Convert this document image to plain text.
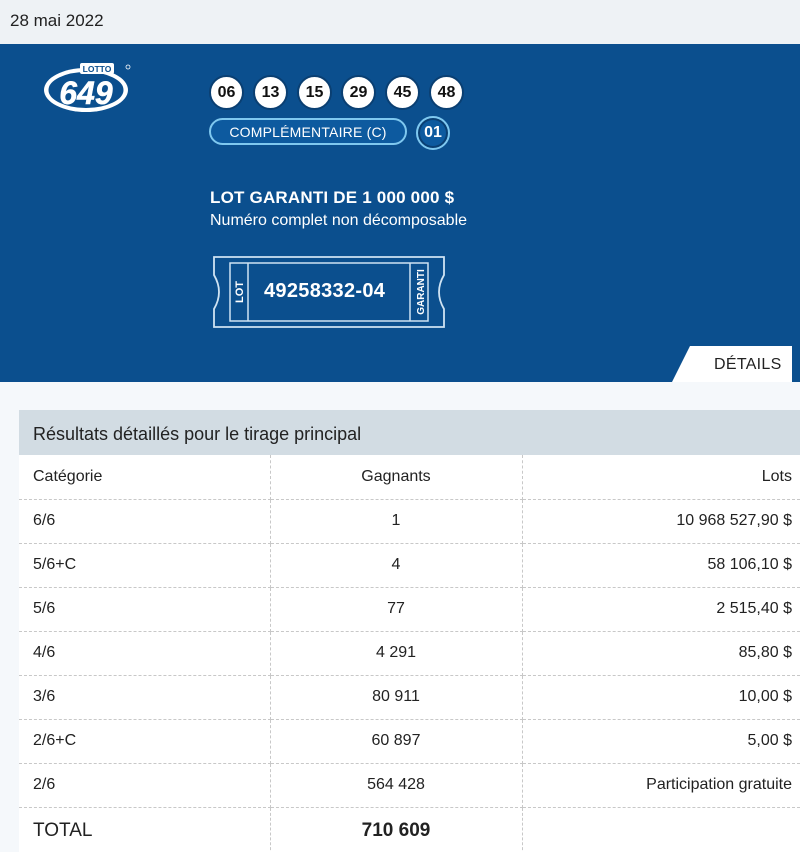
28 mai 2022
LOTTO
649	06	13	15	29	45	48
COMPLÉMENTAIRE (C)	01
LOT GARANTI DE 1 000 000 $
Numéro complet non décomposable
LOT	GARANTI
49258332-04
DÉTAILS
Résultats détaillés pour le tirage principal
Catégorie	Gagnants	Lots
6/6	1	10 968 527,90 $
5/6+C	4	58 106,10 $
5/6	77	2 515,40 $
4/6	4 291	85,80 $
3/6	80 911	10,00 $
2/6+C	60 897	5,00 $
2/6	564 428	Participation gratuite
TOTAL	710 609	
